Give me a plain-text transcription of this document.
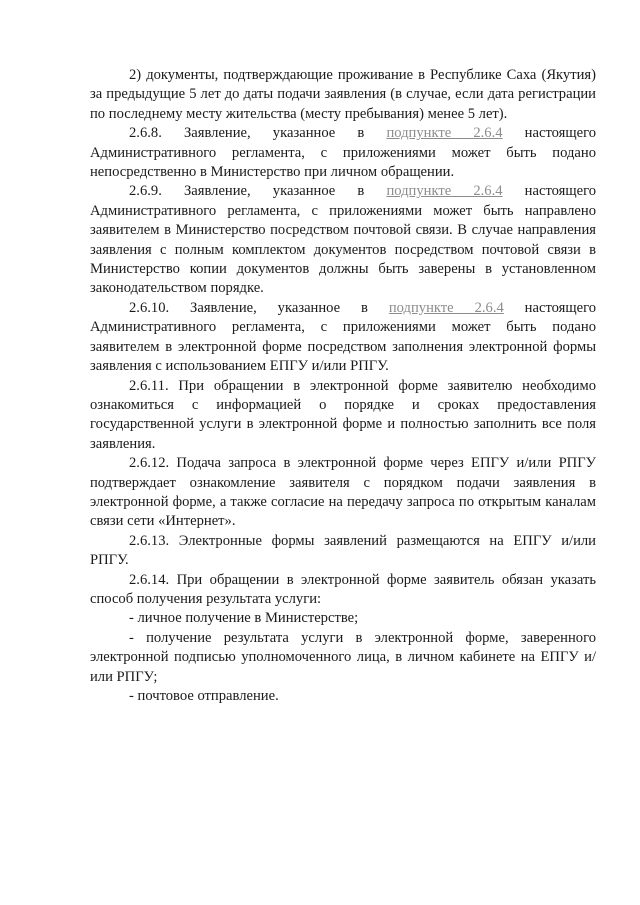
2) документы, подтверждающие проживание в Республике Саха (Якутия) за предыдущие 5 лет до даты подачи заявления (в случае, если дата регистрации по последнему месту жительства (месту пребывания) менее 5 лет).

2.6.8. Заявление, указанное в подпункте 2.6.4 настоящего Административного регламента, с приложениями может быть подано непосредственно в Министерство при личном обращении.

2.6.9. Заявление, указанное в подпункте 2.6.4 настоящего Административного регламента, с приложениями может быть направлено заявителем в Министерство посредством почтовой связи. В случае направления заявления с полным комплектом документов посредством почтовой связи в Министерство копии документов должны быть заверены в установленном законодательством порядке.

2.6.10. Заявление, указанное в подпункте 2.6.4 настоящего Административного регламента, с приложениями может быть подано заявителем в электронной форме посредством заполнения электронной формы заявления с использованием ЕПГУ и/или РПГУ.

2.6.11. При обращении в электронной форме заявителю необходимо ознакомиться с информацией о порядке и сроках предоставления государственной услуги в электронной форме и полностью заполнить все поля заявления.

2.6.12. Подача запроса в электронной форме через ЕПГУ и/или РПГУ подтверждает ознакомление заявителя с порядком подачи заявления в электронной форме, а также согласие на передачу запроса по открытым каналам связи сети «Интернет».

2.6.13. Электронные формы заявлений размещаются на ЕПГУ и/или РПГУ.

2.6.14. При обращении в электронной форме заявитель обязан указать способ получения результата услуги:

- личное получение в Министерстве;

- получение результата услуги в электронной форме, заверенного электронной подписью уполномоченного лица, в личном кабинете на ЕПГУ и/или РПГУ;

- почтовое отправление.
